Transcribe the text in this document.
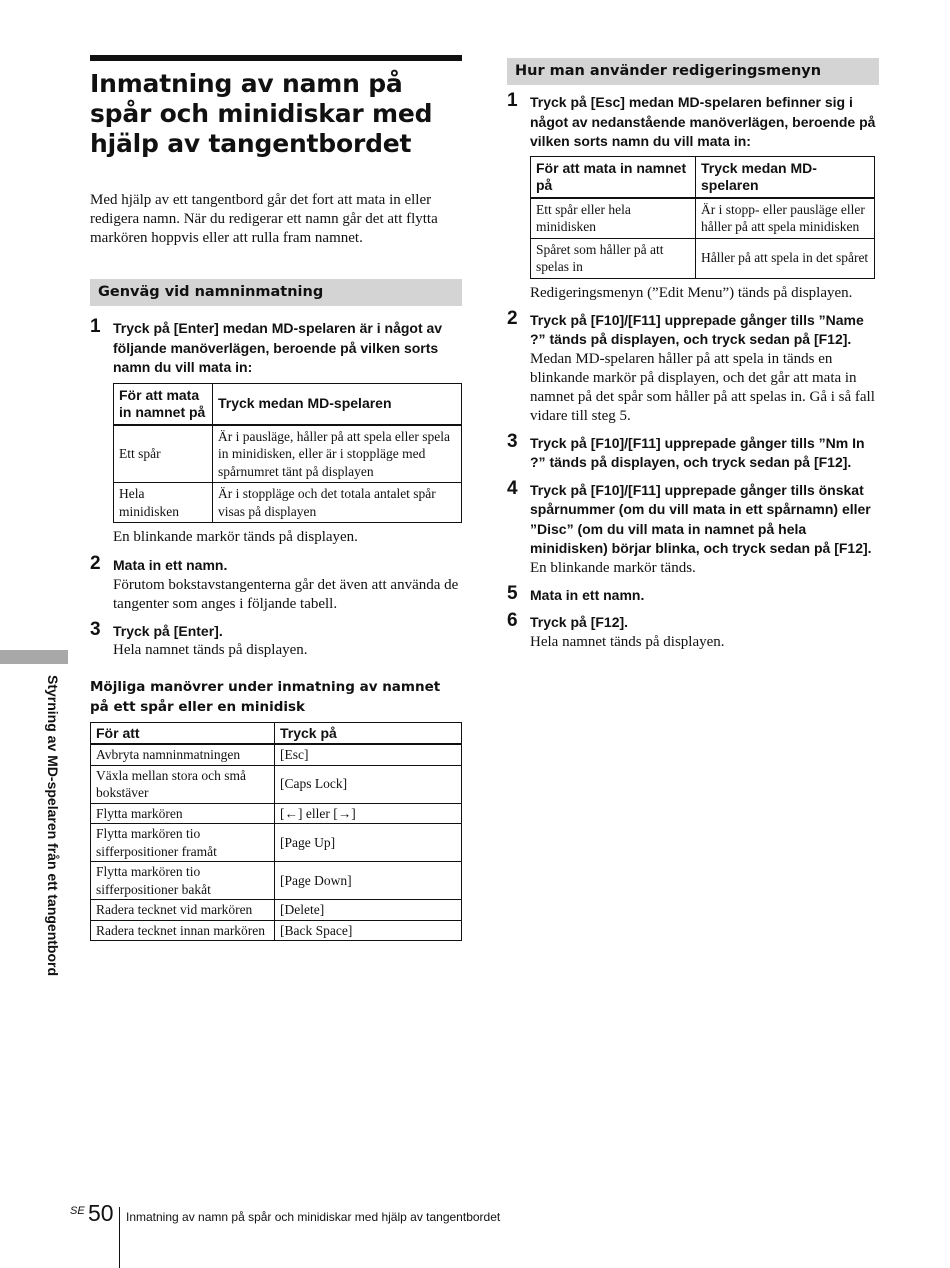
Inmatning av namn på spår och minidiskar med hjälp av tangentbordet
Med hjälp av ett tangentbord går det fort att mata in eller redigera namn. När du redigerar ett namn går det att flytta markören hoppvis eller att rulla fram namnet.
Genväg vid namninmatning
1 Tryck på [Enter] medan MD-spelaren är i något av följande manöverlägen, beroende på vilken sorts namn du vill mata in:
För att mata in namnet på	Tryck medan MD-spelaren
Ett spår	Är i pausläge, håller på att spela eller spela in minidisken, eller är i stoppläge med spårnumret tänt på displayen
Hela minidisken	Är i stoppläge och det totala antalet spår visas på displayen
En blinkande markör tänds på displayen.
2 Mata in ett namn.
Förutom bokstavstangenterna går det även att använda de tangenter som anges i följande tabell.
3 Tryck på [Enter].
Hela namnet tänds på displayen.
Möjliga manövrer under inmatning av namnet på ett spår eller en minidisk
För att	Tryck på
Avbryta namninmatningen	[Esc]
Växla mellan stora och små bokstäver	[Caps Lock]
Flytta markören	[←] eller [→]
Flytta markören tio sifferpositioner framåt	[Page Up]
Flytta markören tio sifferpositioner bakåt	[Page Down]
Radera tecknet vid markören	[Delete]
Radera tecknet innan markören	[Back Space]
Hur man använder redigeringsmenyn
1 Tryck på [Esc] medan MD-spelaren befinner sig i något av nedanstående manöverlägen, beroende på vilken sorts namn du vill mata in:
För att mata in namnet på	Tryck medan MD-spelaren
Ett spår eller hela minidisken	Är i stopp- eller pausläge eller håller på att spela minidisken
Spåret som håller på att spelas in	Håller på att spela in det spåret
Redigeringsmenyn (”Edit Menu”) tänds på displayen.
2 Tryck på [F10]/[F11] upprepade gånger tills ”Name ?” tänds på displayen, och tryck sedan på [F12].
Medan MD-spelaren håller på att spela in tänds en blinkande markör på displayen, och det går att mata in namnet på det spår som håller på att spelas in. Gå i så fall vidare till steg 5.
3 Tryck på [F10]/[F11] upprepade gånger tills ”Nm In ?” tänds på displayen, och tryck sedan på [F12].
4 Tryck på [F10]/[F11] upprepade gånger tills önskat spårnummer (om du vill mata in ett spårnamn) eller ”Disc” (om du vill mata in namnet på hela minidisken) börjar blinka, och tryck sedan på [F12].
En blinkande markör tänds.
5 Mata in ett namn.
6 Tryck på [F12].
Hela namnet tänds på displayen.
Styrning av MD-spelaren från ett tangentbord
SE 50 Inmatning av namn på spår och minidiskar med hjälp av tangentbordet
